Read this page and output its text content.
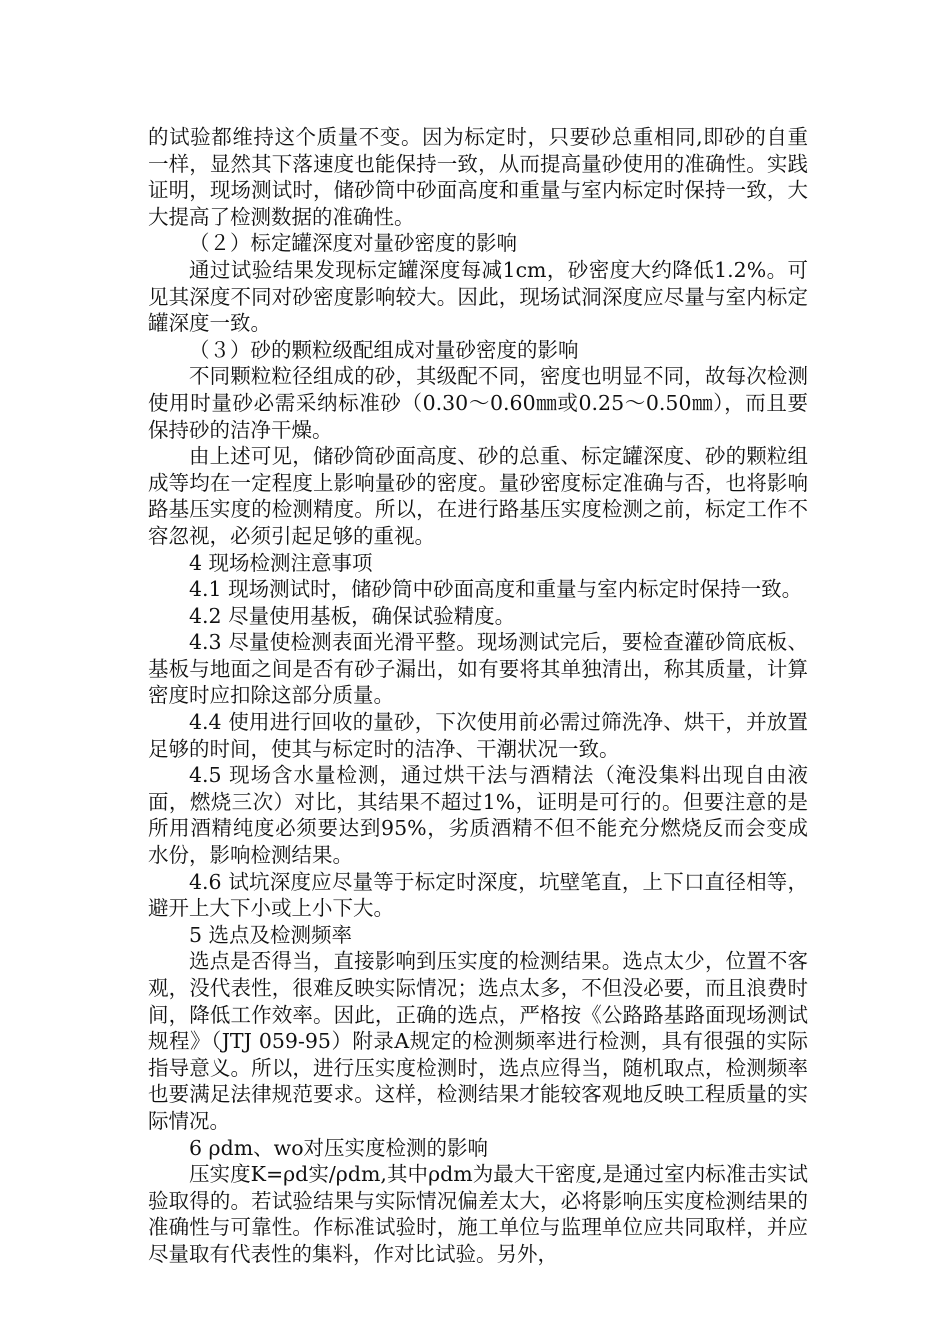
的试验都维持这个质量不变。因为标定时，只要砂总重相同,即砂的自重一样，显然其下落速度也能保持一致，从而提高量砂使用的准确性。实践证明，现场测试时，储砂筒中砂面高度和重量与室内标定时保持一致，大大提高了检测数据的准确性。

（２）标定罐深度对量砂密度的影响

通过试验结果发现标定罐深度每减1cm，砂密度大约降低1.2%。可见其深度不同对砂密度影响较大。因此，现场试洞深度应尽量与室内标定罐深度一致。

（３）砂的颗粒级配组成对量砂密度的影响

不同颗粒粒径组成的砂，其级配不同，密度也明显不同，故每次检测使用时量砂必需采纳标准砂（0.30～0.60㎜或0.25～0.50㎜），而且要保持砂的洁净干燥。

由上述可见，储砂筒砂面高度、砂的总重、标定罐深度、砂的颗粒组成等均在一定程度上影响量砂的密度。量砂密度标定准确与否，也将影响路基压实度的检测精度。所以，在进行路基压实度检测之前，标定工作不容忽视，必须引起足够的重视。

4 现场检测注意事项

4.1 现场测试时，储砂筒中砂面高度和重量与室内标定时保持一致。

4.2 尽量使用基板，确保试验精度。

4.3 尽量使检测表面光滑平整。现场测试完后，要检查灌砂筒底板、基板与地面之间是否有砂子漏出，如有要将其单独清出，称其质量，计算密度时应扣除这部分质量。

4.4 使用进行回收的量砂，下次使用前必需过筛洗净、烘干，并放置足够的时间，使其与标定时的洁净、干潮状况一致。

4.5 现场含水量检测，通过烘干法与酒精法（淹没集料出现自由液面，燃烧三次）对比，其结果不超过1%，证明是可行的。但要注意的是所用酒精纯度必须要达到95%，劣质酒精不但不能充分燃烧反而会变成水份，影响检测结果。

4.6 试坑深度应尽量等于标定时深度，坑壁笔直，上下口直径相等，避开上大下小或上小下大。

5 选点及检测频率

选点是否得当，直接影响到压实度的检测结果。选点太少，位置不客观，没代表性，很难反映实际情况；选点太多，不但没必要，而且浪费时间，降低工作效率。因此，正确的选点，严格按《公路路基路面现场测试规程》（JTJ 059-95）附录A规定的检测频率进行检测，具有很强的实际指导意义。所以，进行压实度检测时，选点应得当，随机取点，检测频率也要满足法律规范要求。这样，检测结果才能较客观地反映工程质量的实际情况。

6 ρdm、wo对压实度检测的影响

压实度K=ρd实/ρdm,其中ρdm为最大干密度,是通过室内标准击实试验取得的。若试验结果与实际情况偏差太大，必将影响压实度检测结果的准确性与可靠性。作标准试验时，施工单位与监理单位应共同取样，并应尽量取有代表性的集料，作对比试验。另外，
